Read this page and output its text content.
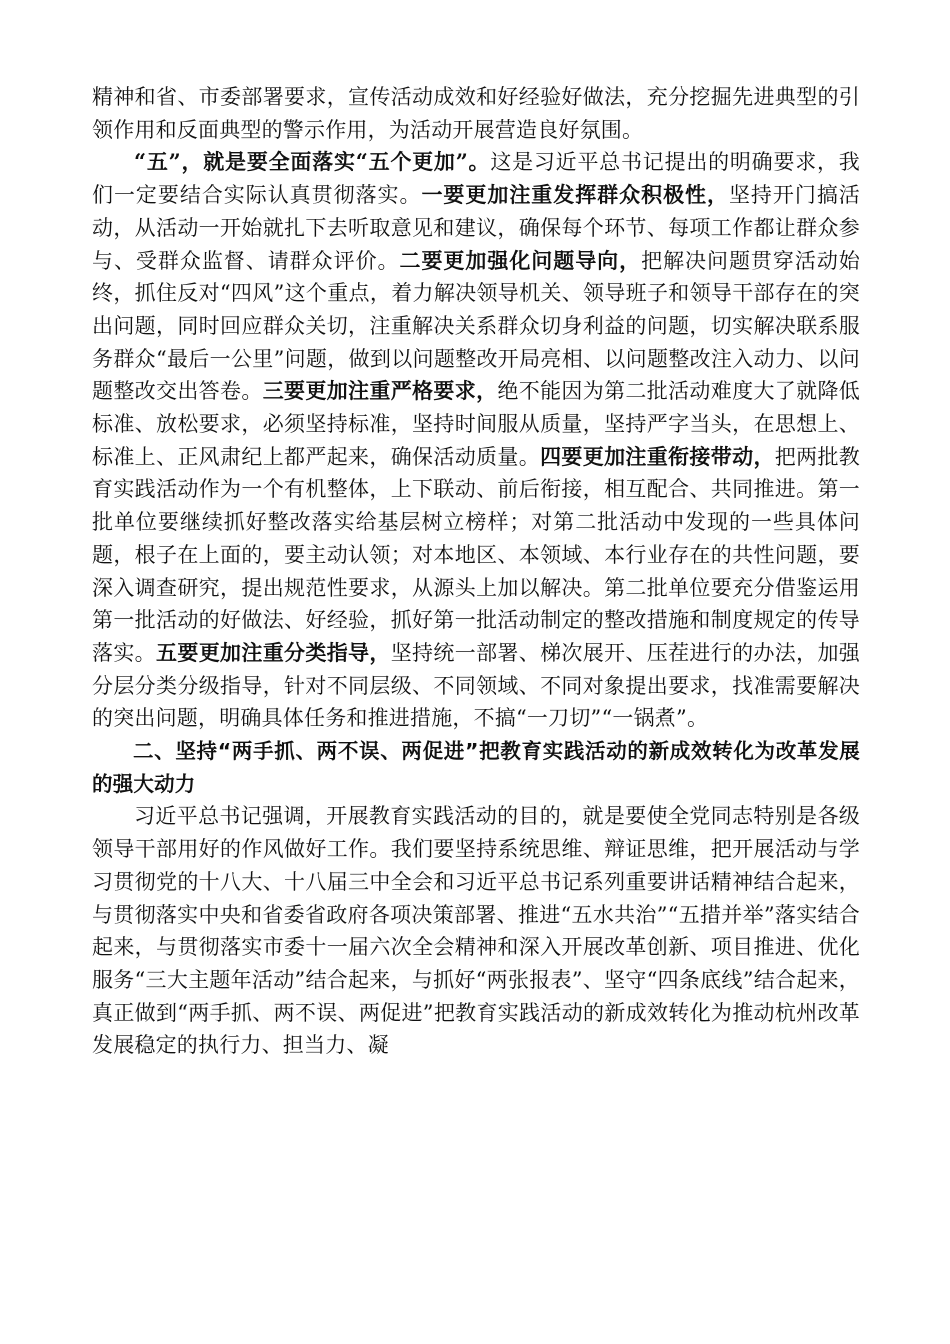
精神和省、市委部署要求，宣传活动成效和好经验好做法，充分挖掘先进典型的引领作用和反面典型的警示作用，为活动开展营造良好氛围。

“五”，就是要全面落实“五个更加”。这是习近平总书记提出的明确要求，我们一定要结合实际认真贯彻落实。一要更加注重发挥群众积极性，坚持开门搞活动，从活动一开始就扎下去听取意见和建议，确保每个环节、每项工作都让群众参与、受群众监督、请群众评价。二要更加强化问题导向，把解决问题贯穿活动始终，抓住反对“四风”这个重点，着力解决领导机关、领导班子和领导干部存在的突出问题，同时回应群众关切，注重解决关系群众切身利益的问题，切实解决联系服务群众“最后一公里”问题，做到以问题整改开局亮相、以问题整改注入动力、以问题整改交出答卷。三要更加注重严格要求，绝不能因为第二批活动难度大了就降低标准、放松要求，必须坚持标准，坚持时间服从质量，坚持严字当头，在思想上、标准上、正风肃纪上都严起来，确保活动质量。四要更加注重衔接带动，把两批教育实践活动作为一个有机整体，上下联动、前后衔接，相互配合、共同推进。第一批单位要继续抓好整改落实给基层树立榜样；对第二批活动中发现的一些具体问题，根子在上面的，要主动认领；对本地区、本领域、本行业存在的共性问题，要深入调查研究，提出规范性要求，从源头上加以解决。第二批单位要充分借鉴运用第一批活动的好做法、好经验，抓好第一批活动制定的整改措施和制度规定的传导落实。五要更加注重分类指导，坚持统一部署、梯次展开、压茬进行的办法，加强分层分类分级指导，针对不同层级、不同领域、不同对象提出要求，找准需要解决的突出问题，明确具体任务和推进措施，不搞“一刀切”“一锅煮”。

二、坚持“两手抓、两不误、两促进”把教育实践活动的新成效转化为改革发展的强大动力

习近平总书记强调，开展教育实践活动的目的，就是要使全党同志特别是各级领导干部用好的作风做好工作。我们要坚持系统思维、辩证思维，把开展活动与学习贯彻党的十八大、十八届三中全会和习近平总书记系列重要讲话精神结合起来，与贯彻落实中央和省委省政府各项决策部署、推进“五水共治”“五措并举”落实结合起来，与贯彻落实市委十一届六次全会精神和深入开展改革创新、项目推进、优化服务“三大主题年活动”结合起来，与抓好“两张报表”、坚守“四条底线”结合起来，真正做到“两手抓、两不误、两促进”把教育实践活动的新成效转化为推动杭州改革发展稳定的执行力、担当力、凝
